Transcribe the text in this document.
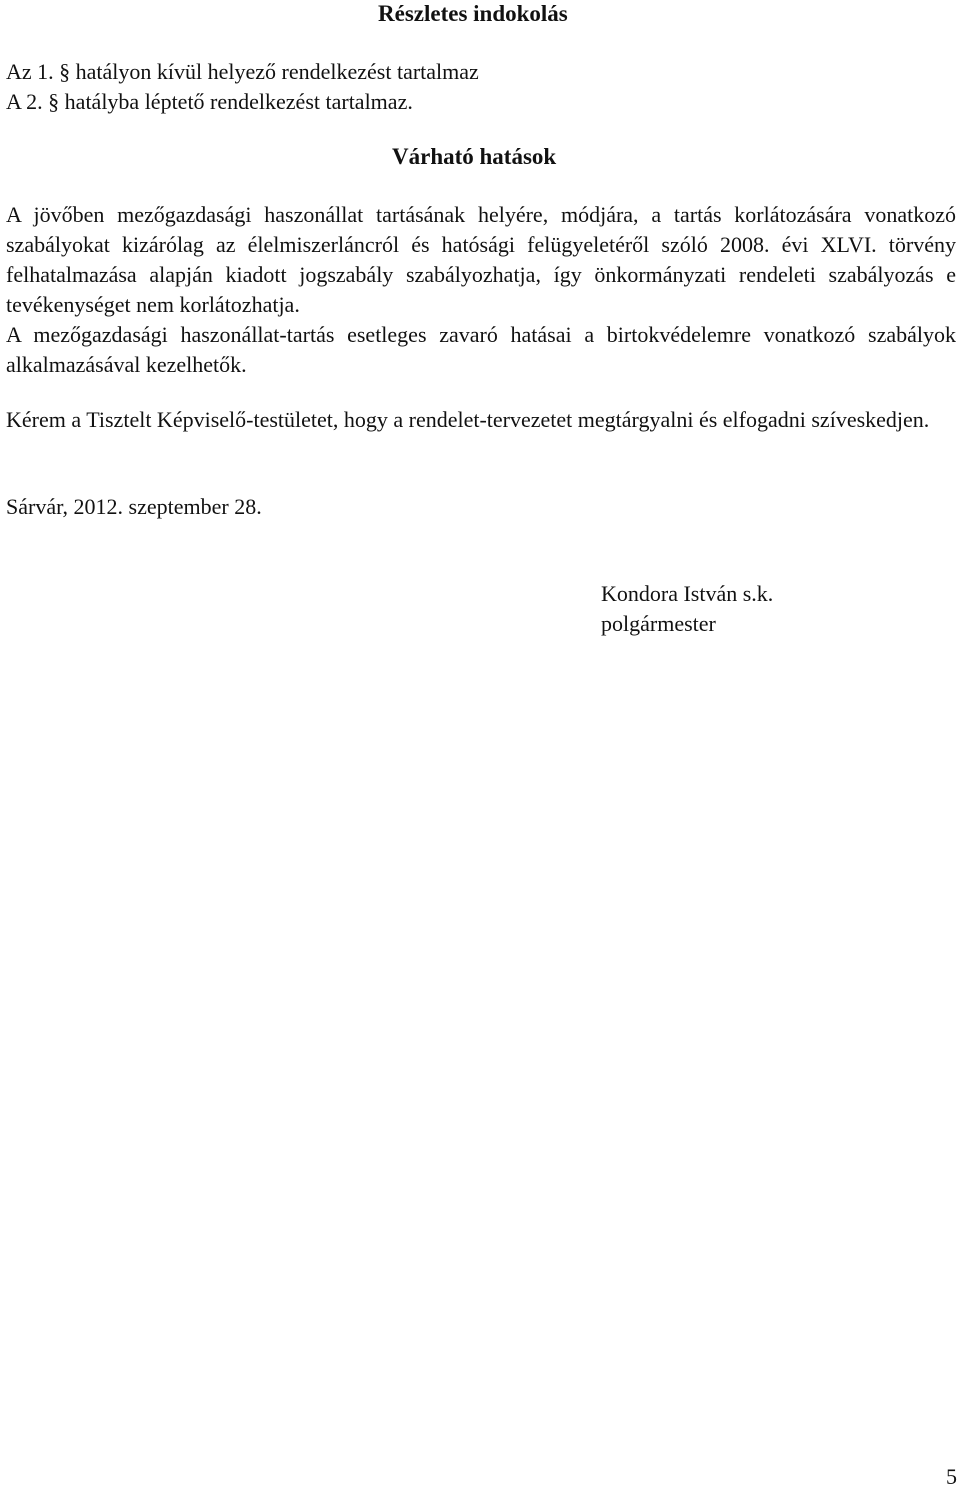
Részletes indokolás
Az 1. § hatályon kívül helyező rendelkezést tartalmaz
A 2. § hatályba léptető rendelkezést tartalmaz.
Várható hatások
A jövőben mezőgazdasági haszonállat tartásának helyére, módjára, a tartás korlátozására vonatkozó szabályokat kizárólag az élelmiszerláncról és hatósági felügyeletéről szóló 2008. évi XLVI. törvény felhatalmazása alapján kiadott jogszabály szabályozhatja, így önkormányzati rendeleti szabályozás e tevékenységet nem korlátozhatja.
A mezőgazdasági haszonállat-tartás esetleges zavaró hatásai a birtokvédelemre vonatkozó szabályok alkalmazásával kezelhetők.
Kérem a Tisztelt Képviselő-testületet, hogy a rendelet-tervezetet megtárgyalni és elfogadni szíveskedjen.
Sárvár, 2012. szeptember 28.
Kondora István s.k.
polgármester
5
